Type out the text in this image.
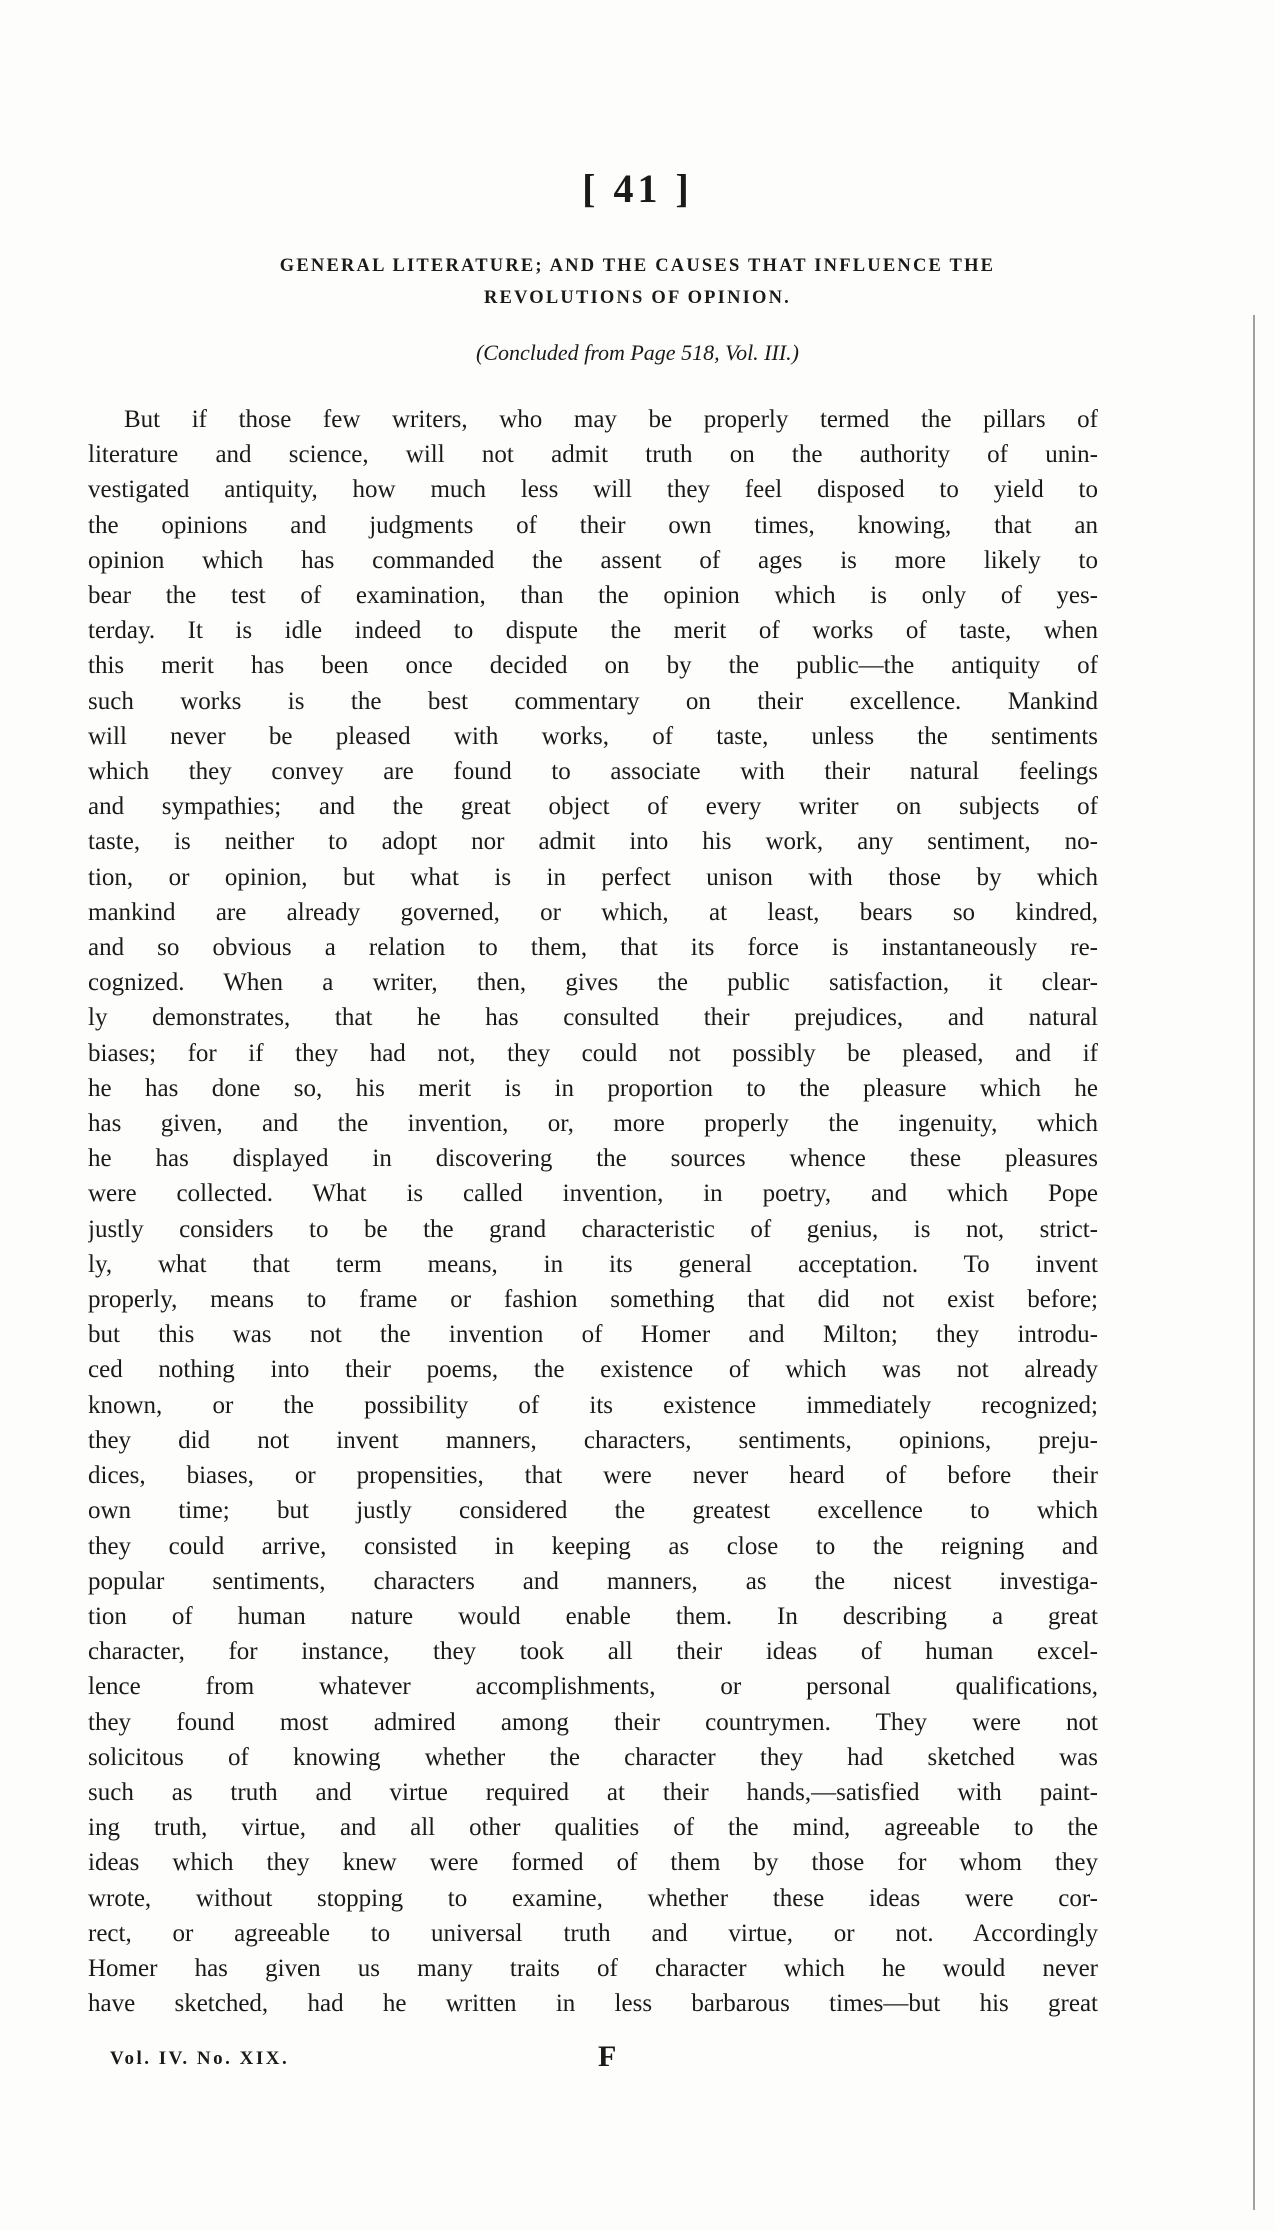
[ 41 ]
GENERAL LITERATURE; AND THE CAUSES THAT INFLUENCE THE
REVOLUTIONS OF OPINION.
(Concluded from Page 518, Vol. III.)
But if those few writers, who may be properly termed the pillars of
literature and science, will not admit truth on the authority of unin-
vestigated antiquity, how much less will they feel disposed to yield to
the opinions and judgments of their own times, knowing, that an
opinion which has commanded the assent of ages is more likely to
bear the test of examination, than the opinion which is only of yes-
terday. It is idle indeed to dispute the merit of works of taste, when
this merit has been once decided on by the public—the antiquity of
such works is the best commentary on their excellence. Mankind
will never be pleased with works, of taste, unless the sentiments
which they convey are found to associate with their natural feelings
and sympathies; and the great object of every writer on subjects of
taste, is neither to adopt nor admit into his work, any sentiment, no-
tion, or opinion, but what is in perfect unison with those by which
mankind are already governed, or which, at least, bears so kindred,
and so obvious a relation to them, that its force is instantaneously re-
cognized. When a writer, then, gives the public satisfaction, it clear-
ly demonstrates, that he has consulted their prejudices, and natural
biases; for if they had not, they could not possibly be pleased, and if
he has done so, his merit is in proportion to the pleasure which he
has given, and the invention, or, more properly the ingenuity, which
he has displayed in discovering the sources whence these pleasures
were collected. What is called invention, in poetry, and which Pope
justly considers to be the grand characteristic of genius, is not, strict-
ly, what that term means, in its general acceptation. To invent
properly, means to frame or fashion something that did not exist before;
but this was not the invention of Homer and Milton; they introdu-
ced nothing into their poems, the existence of which was not already
known, or the possibility of its existence immediately recognized;
they did not invent manners, characters, sentiments, opinions, preju-
dices, biases, or propensities, that were never heard of before their
own time; but justly considered the greatest excellence to which
they could arrive, consisted in keeping as close to the reigning and
popular sentiments, characters and manners, as the nicest investiga-
tion of human nature would enable them. In describing a great
character, for instance, they took all their ideas of human excel-
lence from whatever accomplishments, or personal qualifications,
they found most admired among their countrymen. They were not
solicitous of knowing whether the character they had sketched was
such as truth and virtue required at their hands,—satisfied with paint-
ing truth, virtue, and all other qualities of the mind, agreeable to the
ideas which they knew were formed of them by those for whom they
wrote, without stopping to examine, whether these ideas were cor-
rect, or agreeable to universal truth and virtue, or not. Accordingly
Homer has given us many traits of character which he would never
have sketched, had he written in less barbarous times—but his great
Vol. IV. No. XIX.	F
